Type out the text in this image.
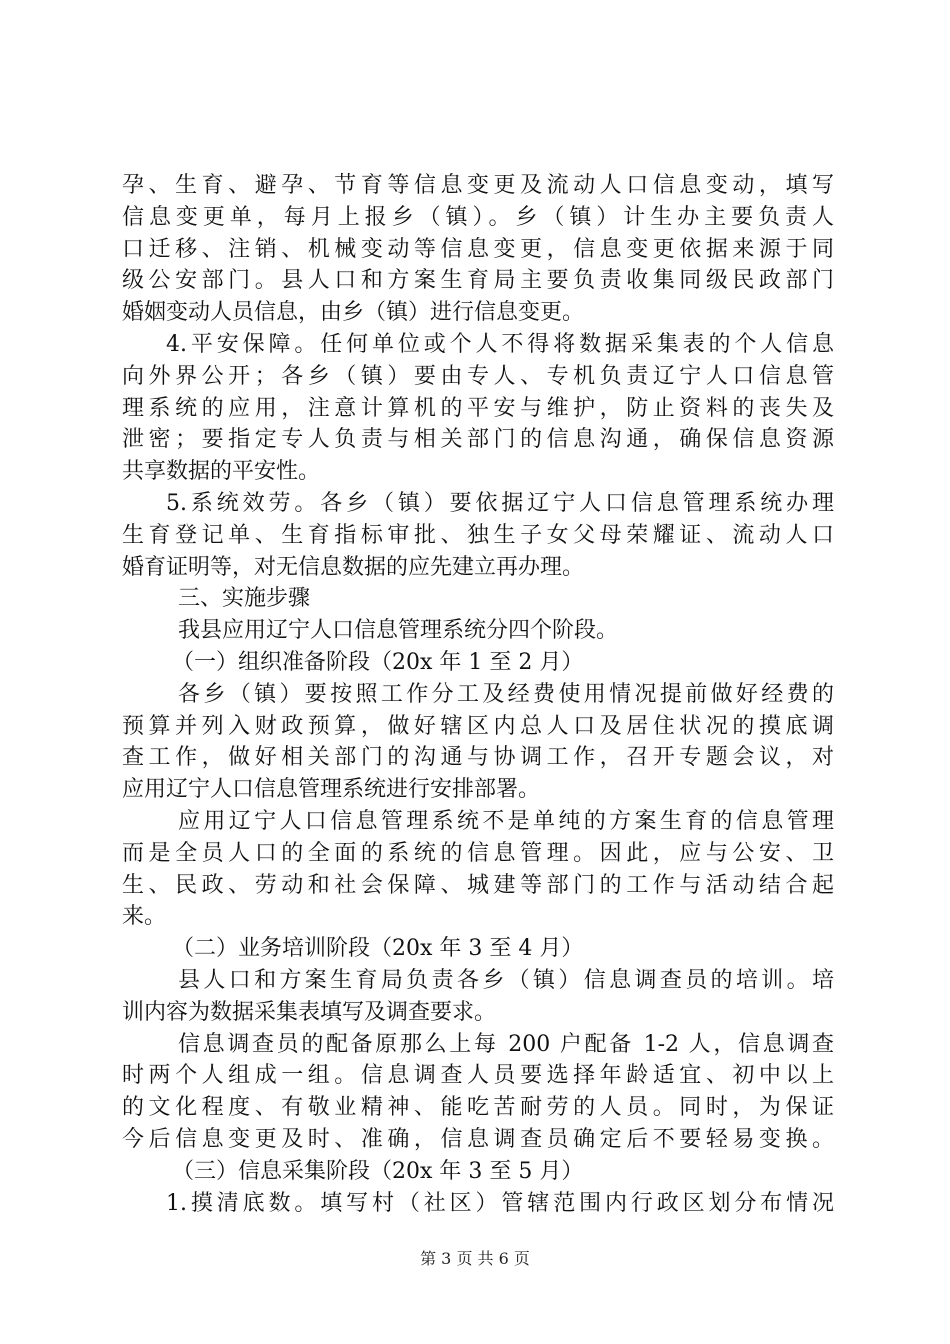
孕、生育、避孕、节育等信息变更及流动人口信息变动，填写
信息变更单，每月上报乡（镇）。乡（镇）计生办主要负责人
口迁移、注销、机械变动等信息变更，信息变更依据来源于同
级公安部门。县人口和方案生育局主要负责收集同级民政部门
婚姻变动人员信息，由乡（镇）进行信息变更。
4.平安保障。任何单位或个人不得将数据采集表的个人信息
向外界公开；各乡（镇）要由专人、专机负责辽宁人口信息管
理系统的应用，注意计算机的平安与维护，防止资料的丧失及
泄密；要指定专人负责与相关部门的信息沟通，确保信息资源
共享数据的平安性。
5.系统效劳。各乡（镇）要依据辽宁人口信息管理系统办理
生育登记单、生育指标审批、独生子女父母荣耀证、流动人口
婚育证明等，对无信息数据的应先建立再办理。
三、实施步骤
我县应用辽宁人口信息管理系统分四个阶段。
（一）组织准备阶段（20x 年 1 至 2 月）
各乡（镇）要按照工作分工及经费使用情况提前做好经费的
预算并列入财政预算，做好辖区内总人口及居住状况的摸底调
查工作，做好相关部门的沟通与协调工作，召开专题会议，对
应用辽宁人口信息管理系统进行安排部署。
应用辽宁人口信息管理系统不是单纯的方案生育的信息管理
而是全员人口的全面的系统的信息管理。因此，应与公安、卫
生、民政、劳动和社会保障、城建等部门的工作与活动结合起
来。
（二）业务培训阶段（20x 年 3 至 4 月）
县人口和方案生育局负责各乡（镇）信息调查员的培训。培
训内容为数据采集表填写及调查要求。
信息调查员的配备原那么上每 200 户配备 1-2 人，信息调查
时两个人组成一组。信息调查人员要选择年龄适宜、初中以上
的文化程度、有敬业精神、能吃苦耐劳的人员。同时，为保证
今后信息变更及时、准确，信息调查员确定后不要轻易变换。
（三）信息采集阶段（20x 年 3 至 5 月）
1.摸清底数。填写村（社区）管辖范围内行政区划分布情况
第 3 页 共 6 页
